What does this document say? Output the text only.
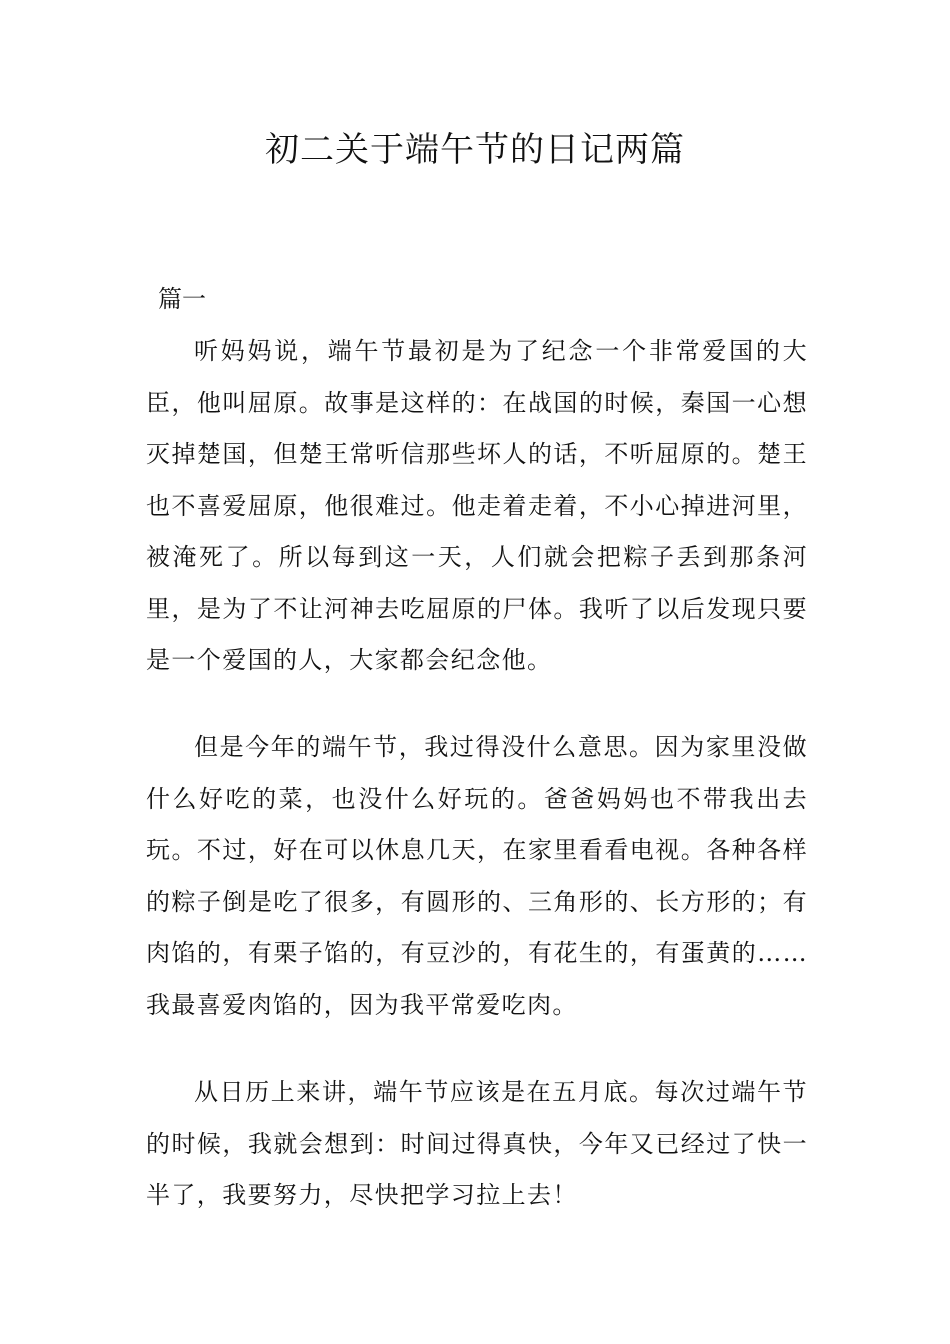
初二关于端午节的日记两篇
篇一

听妈妈说，端午节最初是为了纪念一个非常爱国的大臣，他叫屈原。故事是这样的：在战国的时候，秦国一心想灭掉楚国，但楚王常听信那些坏人的话，不听屈原的。楚王也不喜爱屈原，他很难过。他走着走着，不小心掉进河里，被淹死了。所以每到这一天，人们就会把粽子丢到那条河里，是为了不让河神去吃屈原的尸体。我听了以后发现只要是一个爱国的人，大家都会纪念他。

但是今年的端午节，我过得没什么意思。因为家里没做什么好吃的菜，也没什么好玩的。爸爸妈妈也不带我出去玩。不过，好在可以休息几天，在家里看看电视。各种各样的粽子倒是吃了很多，有圆形的、三角形的、长方形的；有肉馅的，有栗子馅的，有豆沙的，有花生的，有蛋黄的……我最喜爱肉馅的，因为我平常爱吃肉。

从日历上来讲，端午节应该是在五月底。每次过端午节的时候，我就会想到：时间过得真快，今年又已经过了快一半了，我要努力，尽快把学习拉上去！
